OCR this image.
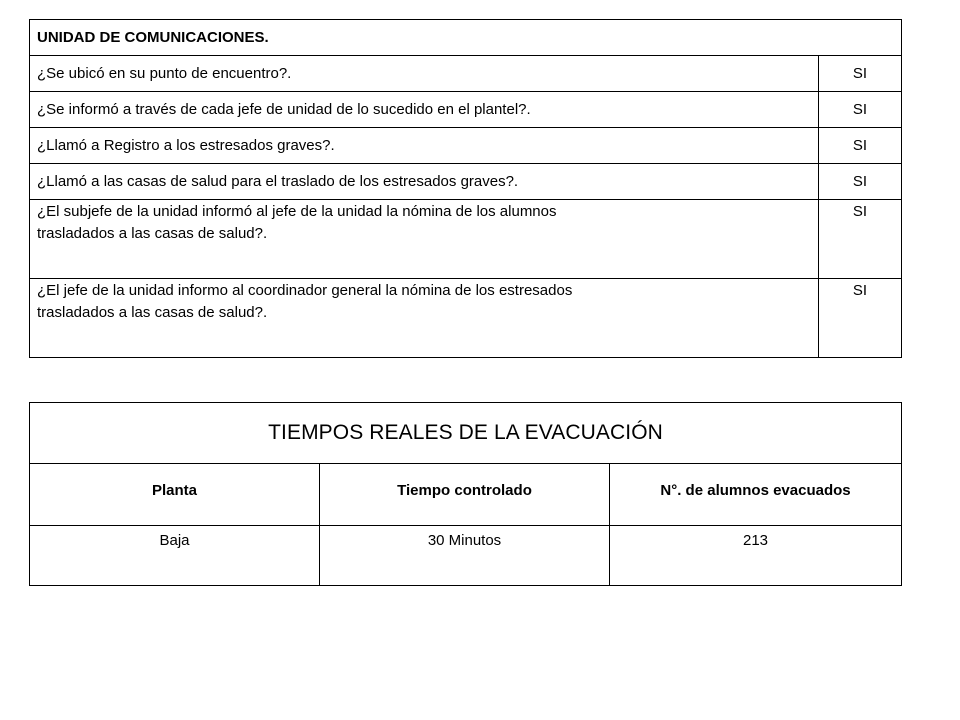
UNIDAD DE COMUNICACIONES.	
¿Se ubicó en su punto de encuentro?.	SI
¿Se informó a través de cada jefe de unidad de lo sucedido en el plantel?.	SI
¿Llamó a Registro a los estresados graves?.	SI
¿Llamó a las casas de salud para el traslado de los estresados graves?.	SI

¿El subjefe de la unidad informó al jefe de la unidad la nómina de los alumnos
trasladados a las casas de salud?.	SI

¿El jefe de la unidad informo al coordinador general la nómina de los estresados
trasladados a las casas de salud?.	SI
TIEMPOS REALES DE LA EVACUACIÓN		
Planta	Tiempo controlado	N°. de alumnos evacuados
Baja	30 Minutos	213
